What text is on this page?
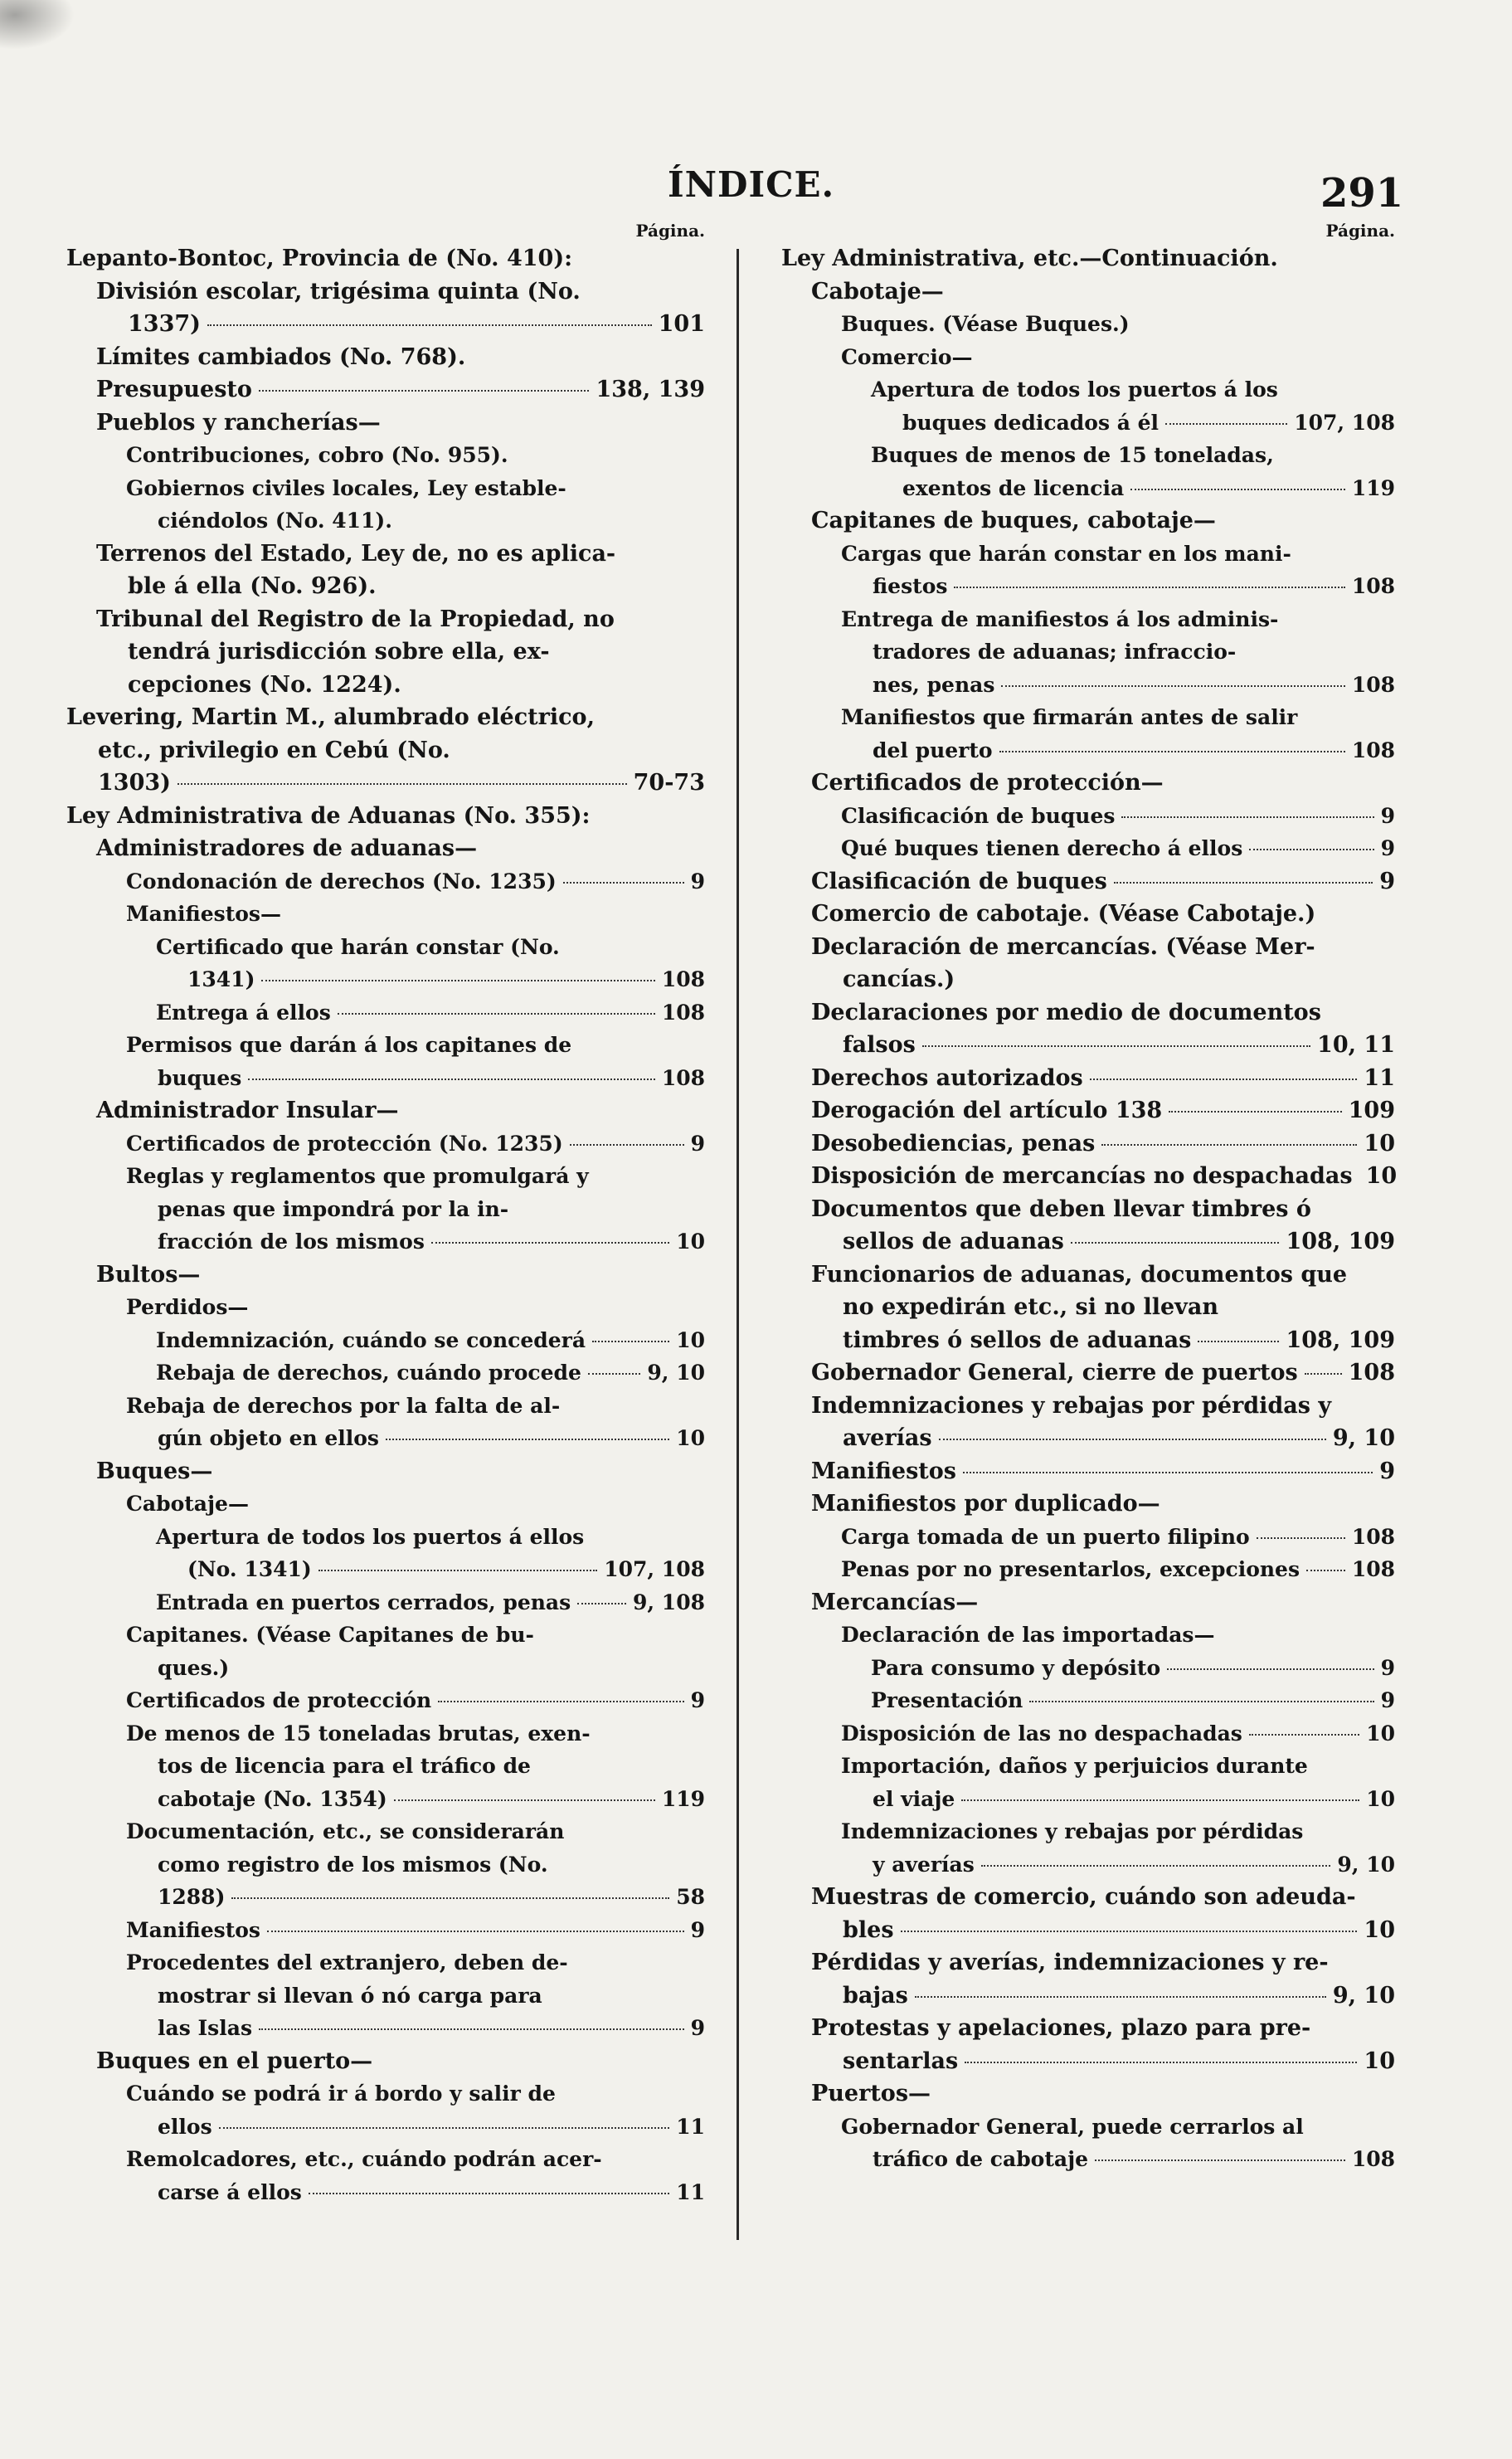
ÍNDICE.	291
Página.
Lepanto-Bontoc, Provincia de (No. 410):
División escolar, trigésima quinta (No.
1337)	101
Límites cambiados (No. 768).
Presupuesto	138, 139
Pueblos y rancherías—
Contribuciones, cobro (No. 955).
Gobiernos civiles locales, Ley estable-
ciéndolos (No. 411).
Terrenos del Estado, Ley de, no es aplica-
ble á ella (No. 926).
Tribunal del Registro de la Propiedad, no
tendrá jurisdicción sobre ella, ex-
cepciones (No. 1224).
Levering, Martin M., alumbrado eléctrico,
etc., privilegio en Cebú (No.
1303)	70-73
Ley Administrativa de Aduanas (No. 355):
Administradores de aduanas—
Condonación de derechos (No. 1235)	9
Manifiestos—
Certificado que harán constar (No.
1341)	108
Entrega á ellos	108
Permisos que darán á los capitanes de
buques	108
Administrador Insular—
Certificados de protección (No. 1235)	9
Reglas y reglamentos que promulgará y
penas que impondrá por la in-
fracción de los mismos	10
Bultos—
Perdidos—
Indemnización, cuándo se concederá	10
Rebaja de derechos, cuándo procede	9, 10
Rebaja de derechos por la falta de al-
gún objeto en ellos	10
Buques—
Cabotaje—
Apertura de todos los puertos á ellos
(No. 1341)	107, 108
Entrada en puertos cerrados, penas	9, 108
Capitanes. (Véase Capitanes de bu-
ques.)
Certificados de protección	9
De menos de 15 toneladas brutas, exen-
tos de licencia para el tráfico de
cabotaje (No. 1354)	119
Documentación, etc., se considerarán
como registro de los mismos (No.
1288)	58
Manifiestos	9
Procedentes del extranjero, deben de-
mostrar si llevan ó nó carga para
las Islas	9
Buques en el puerto—
Cuándo se podrá ir á bordo y salir de
ellos	11
Remolcadores, etc., cuándo podrán acer-
carse á ellos	11
Página.
Ley Administrativa, etc.—Continuación.
Cabotaje—
Buques. (Véase Buques.)
Comercio—
Apertura de todos los puertos á los
buques dedicados á él	107, 108
Buques de menos de 15 toneladas,
exentos de licencia	119
Capitanes de buques, cabotaje—
Cargas que harán constar en los mani-
fiestos	108
Entrega de manifiestos á los adminis-
tradores de aduanas; infraccio-
nes, penas	108
Manifiestos que firmarán antes de salir
del puerto	108
Certificados de protección—
Clasificación de buques	9
Qué buques tienen derecho á ellos	9
Clasificación de buques	9
Comercio de cabotaje. (Véase Cabotaje.)
Declaración de mercancías. (Véase Mer-
cancías.)
Declaraciones por medio de documentos
falsos	10, 11
Derechos autorizados	11
Derogación del artículo 138	109
Desobediencias, penas	10
Disposición de mercancías no despachadas 10
Documentos que deben llevar timbres ó
sellos de aduanas	108, 109
Funcionarios de aduanas, documentos que
no expedirán etc., si no llevan
timbres ó sellos de aduanas	108, 109
Gobernador General, cierre de puertos 108
Indemnizaciones y rebajas por pérdidas y
averías	9, 10
Manifiestos	9
Manifiestos por duplicado—
Carga tomada de un puerto filipino	108
Penas por no presentarlos, excepciones	108
Mercancías—
Declaración de las importadas—
Para consumo y depósito	9
Presentación	9
Disposición de las no despachadas	10
Importación, daños y perjuicios durante
el viaje	10
Indemnizaciones y rebajas por pérdidas
y averías	9, 10
Muestras de comercio, cuándo son adeuda-
bles	10
Pérdidas y averías, indemnizaciones y re-
bajas	9, 10
Protestas y apelaciones, plazo para pre-
sentarlas	10
Puertos—
Gobernador General, puede cerrarlos al
tráfico de cabotaje	108
